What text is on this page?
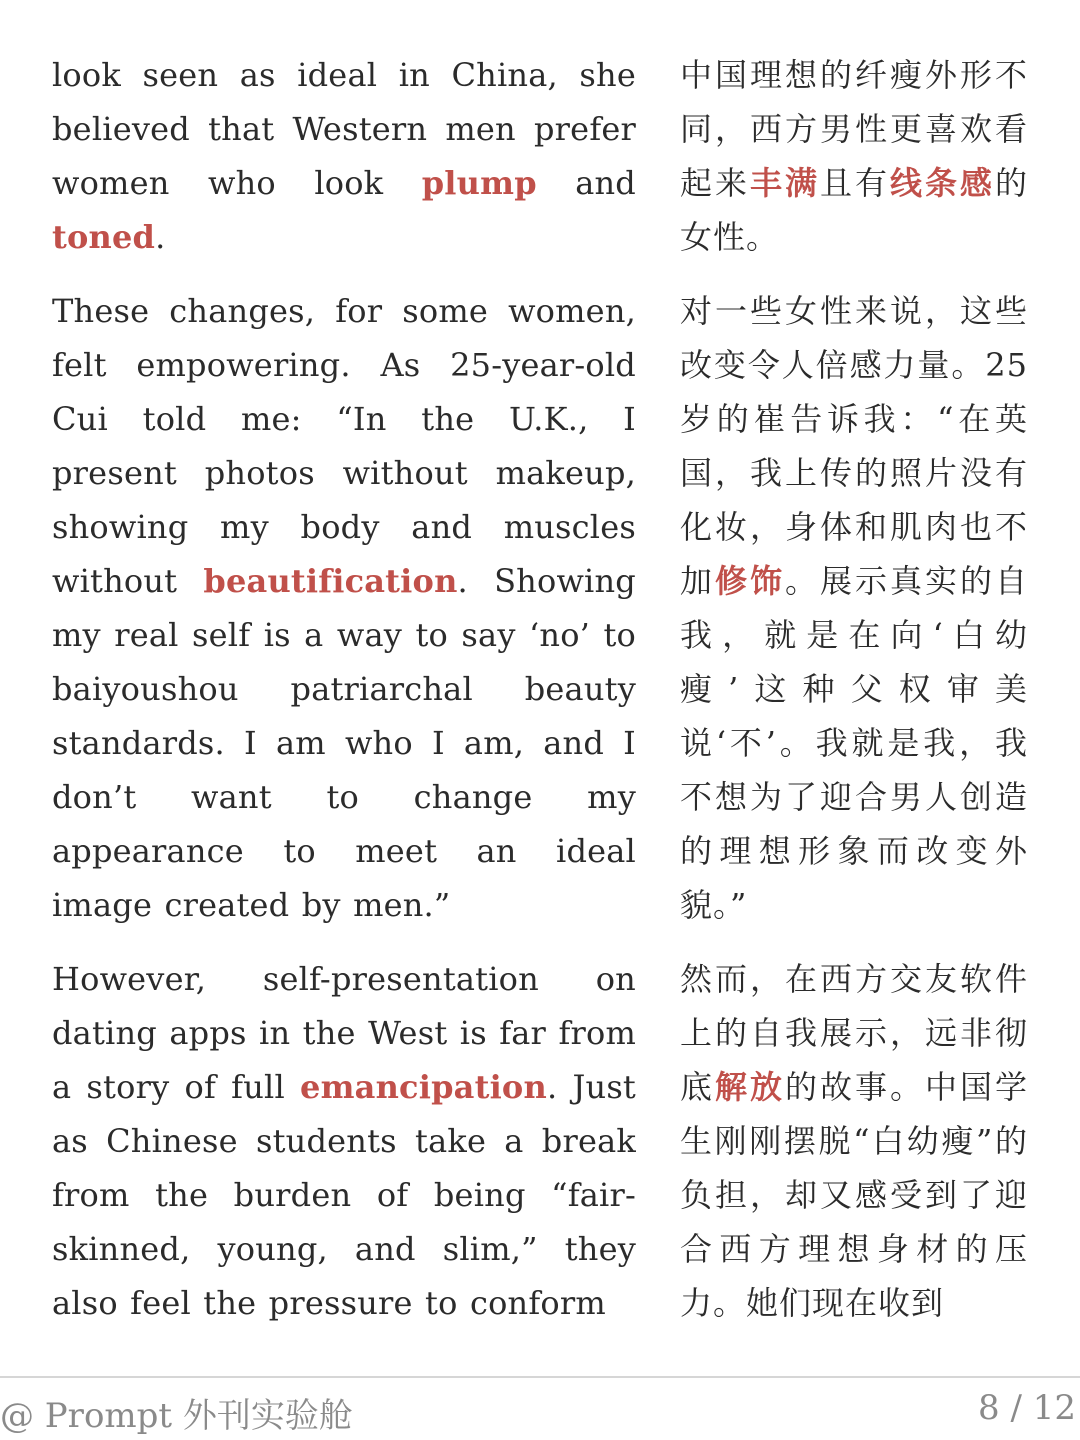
look seen as ideal in China, she believed that Western men prefer women who look plump and toned.

These changes, for some women, felt empowering. As 25-year-old Cui told me: “In the U.K., I present photos without makeup, showing my body and muscles without beautification. Showing my real self is a way to say ‘no’ to baiyoushou patriarchal beauty standards. I am who I am, and I don’t want to change my appearance to meet an ideal image created by men.”

However, self-presentation on dating apps in the West is far from a story of full emancipation. Just as Chinese students take a break from the burden of being “fair-skinned, young, and slim,” they also feel the pressure to conform

中国理想的纤瘦外形不同，西方男性更喜欢看起来丰满且有线条感的女性。

对一些女性来说，这些改变令人倍感力量。25岁的崔告诉我：“在英国，我上传的照片没有化妆，身体和肌肉也不加修饰。展示真实的自我，就是在向‘白幼瘦’这种父权审美说‘不’。我就是我，我不想为了迎合男人创造的理想形象而改变外貌。”

然而，在西方交友软件上的自我展示，远非彻底解放的故事。中国学生刚刚摆脱“白幼瘦”的负担，却又感受到了迎合西方理想身材的压力。她们现在收到

@ Prompt 外刊实验舱	8 / 12
